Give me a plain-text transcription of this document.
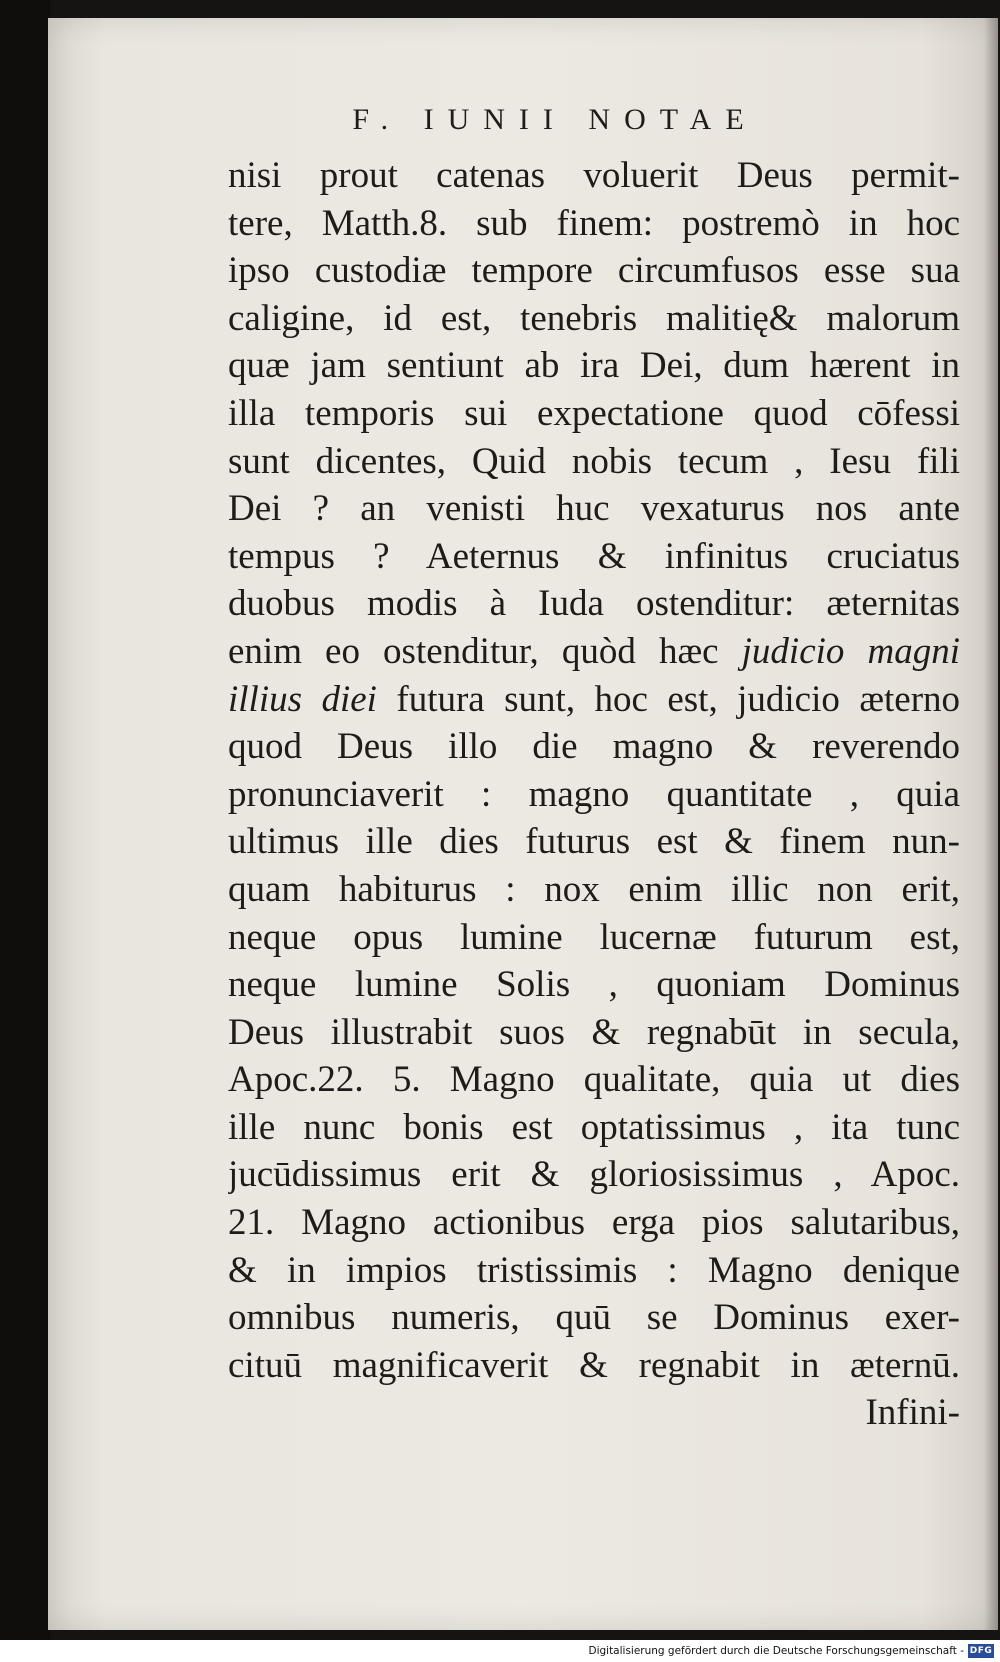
F. IUNII NOTAE
nisi prout catenas voluerit Deus permit-
tere, Matth.8. sub finem: postremò in hoc
ipso custodiæ tempore circumfusos esse sua
caligine, id est, tenebris malitię& malorum
quæ jam sentiunt ab ira Dei, dum hærent in
illa temporis sui expectatione quod cōfessi
sunt dicentes, Quid nobis tecum , Iesu fili
Dei ? an venisti huc vexaturus nos ante
tempus ? Aeternus & infinitus cruciatus
duobus modis à Iuda ostenditur: æternitas
enim eo ostenditur, quòd hæc judicio magni
illius diei futura sunt, hoc est, judicio æterno
quod Deus illo die magno & reverendo
pronunciaverit : magno quantitate , quia
ultimus ille dies futurus est & finem nun-
quam habiturus : nox enim illic non erit,
neque opus lumine lucernæ futurum est,
neque lumine Solis , quoniam Dominus
Deus illustrabit suos & regnabūt in secula,
Apoc.22. 5. Magno qualitate, quia ut dies
ille nunc bonis est optatissimus , ita tunc
jucūdissimus erit & gloriosissimus , Apoc.
21. Magno actionibus erga pios salutaribus,
& in impios tristissimis : Magno denique
omnibus numeris, quū se Dominus exer-
cituū magnificaverit & regnabit in æternū.
Infini-
Digitalisierung gefördert durch die Deutsche Forschungsgemeinschaft - DFG
